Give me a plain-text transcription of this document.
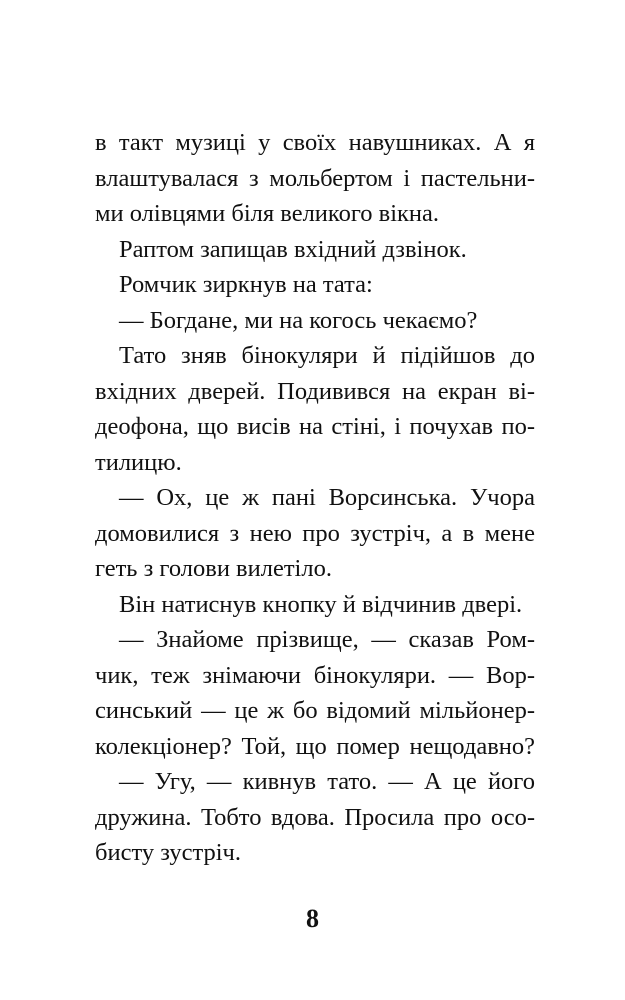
в такт музиці у своїх навушниках. А я
влаштувалася з мольбертом і пастельни-
ми олівцями біля великого вікна.
Раптом запищав вхідний дзвінок.
Ромчик зиркнув на тата:
— Богдане, ми на когось чекаємо?
Тато зняв бінокуляри й підійшов до
вхідних дверей. Подивився на екран ві-
деофона, що висів на стіні, і почухав по-
тилицю.
— Ох, це ж пані Ворсинська. Учора
домовилися з нею про зустріч, а в мене
геть з голови вилетіло.
Він натиснув кнопку й відчинив двері.
— Знайоме прізвище, — сказав Ром-
чик, теж знімаючи бінокуляри. — Вор-
синський — це ж бо відомий мільйонер-
колекціонер? Той, що помер нещодавно?
— Угу, — кивнув тато. — А це його
дружина. Тобто вдова. Просила про осо-
бисту зустріч.
8
